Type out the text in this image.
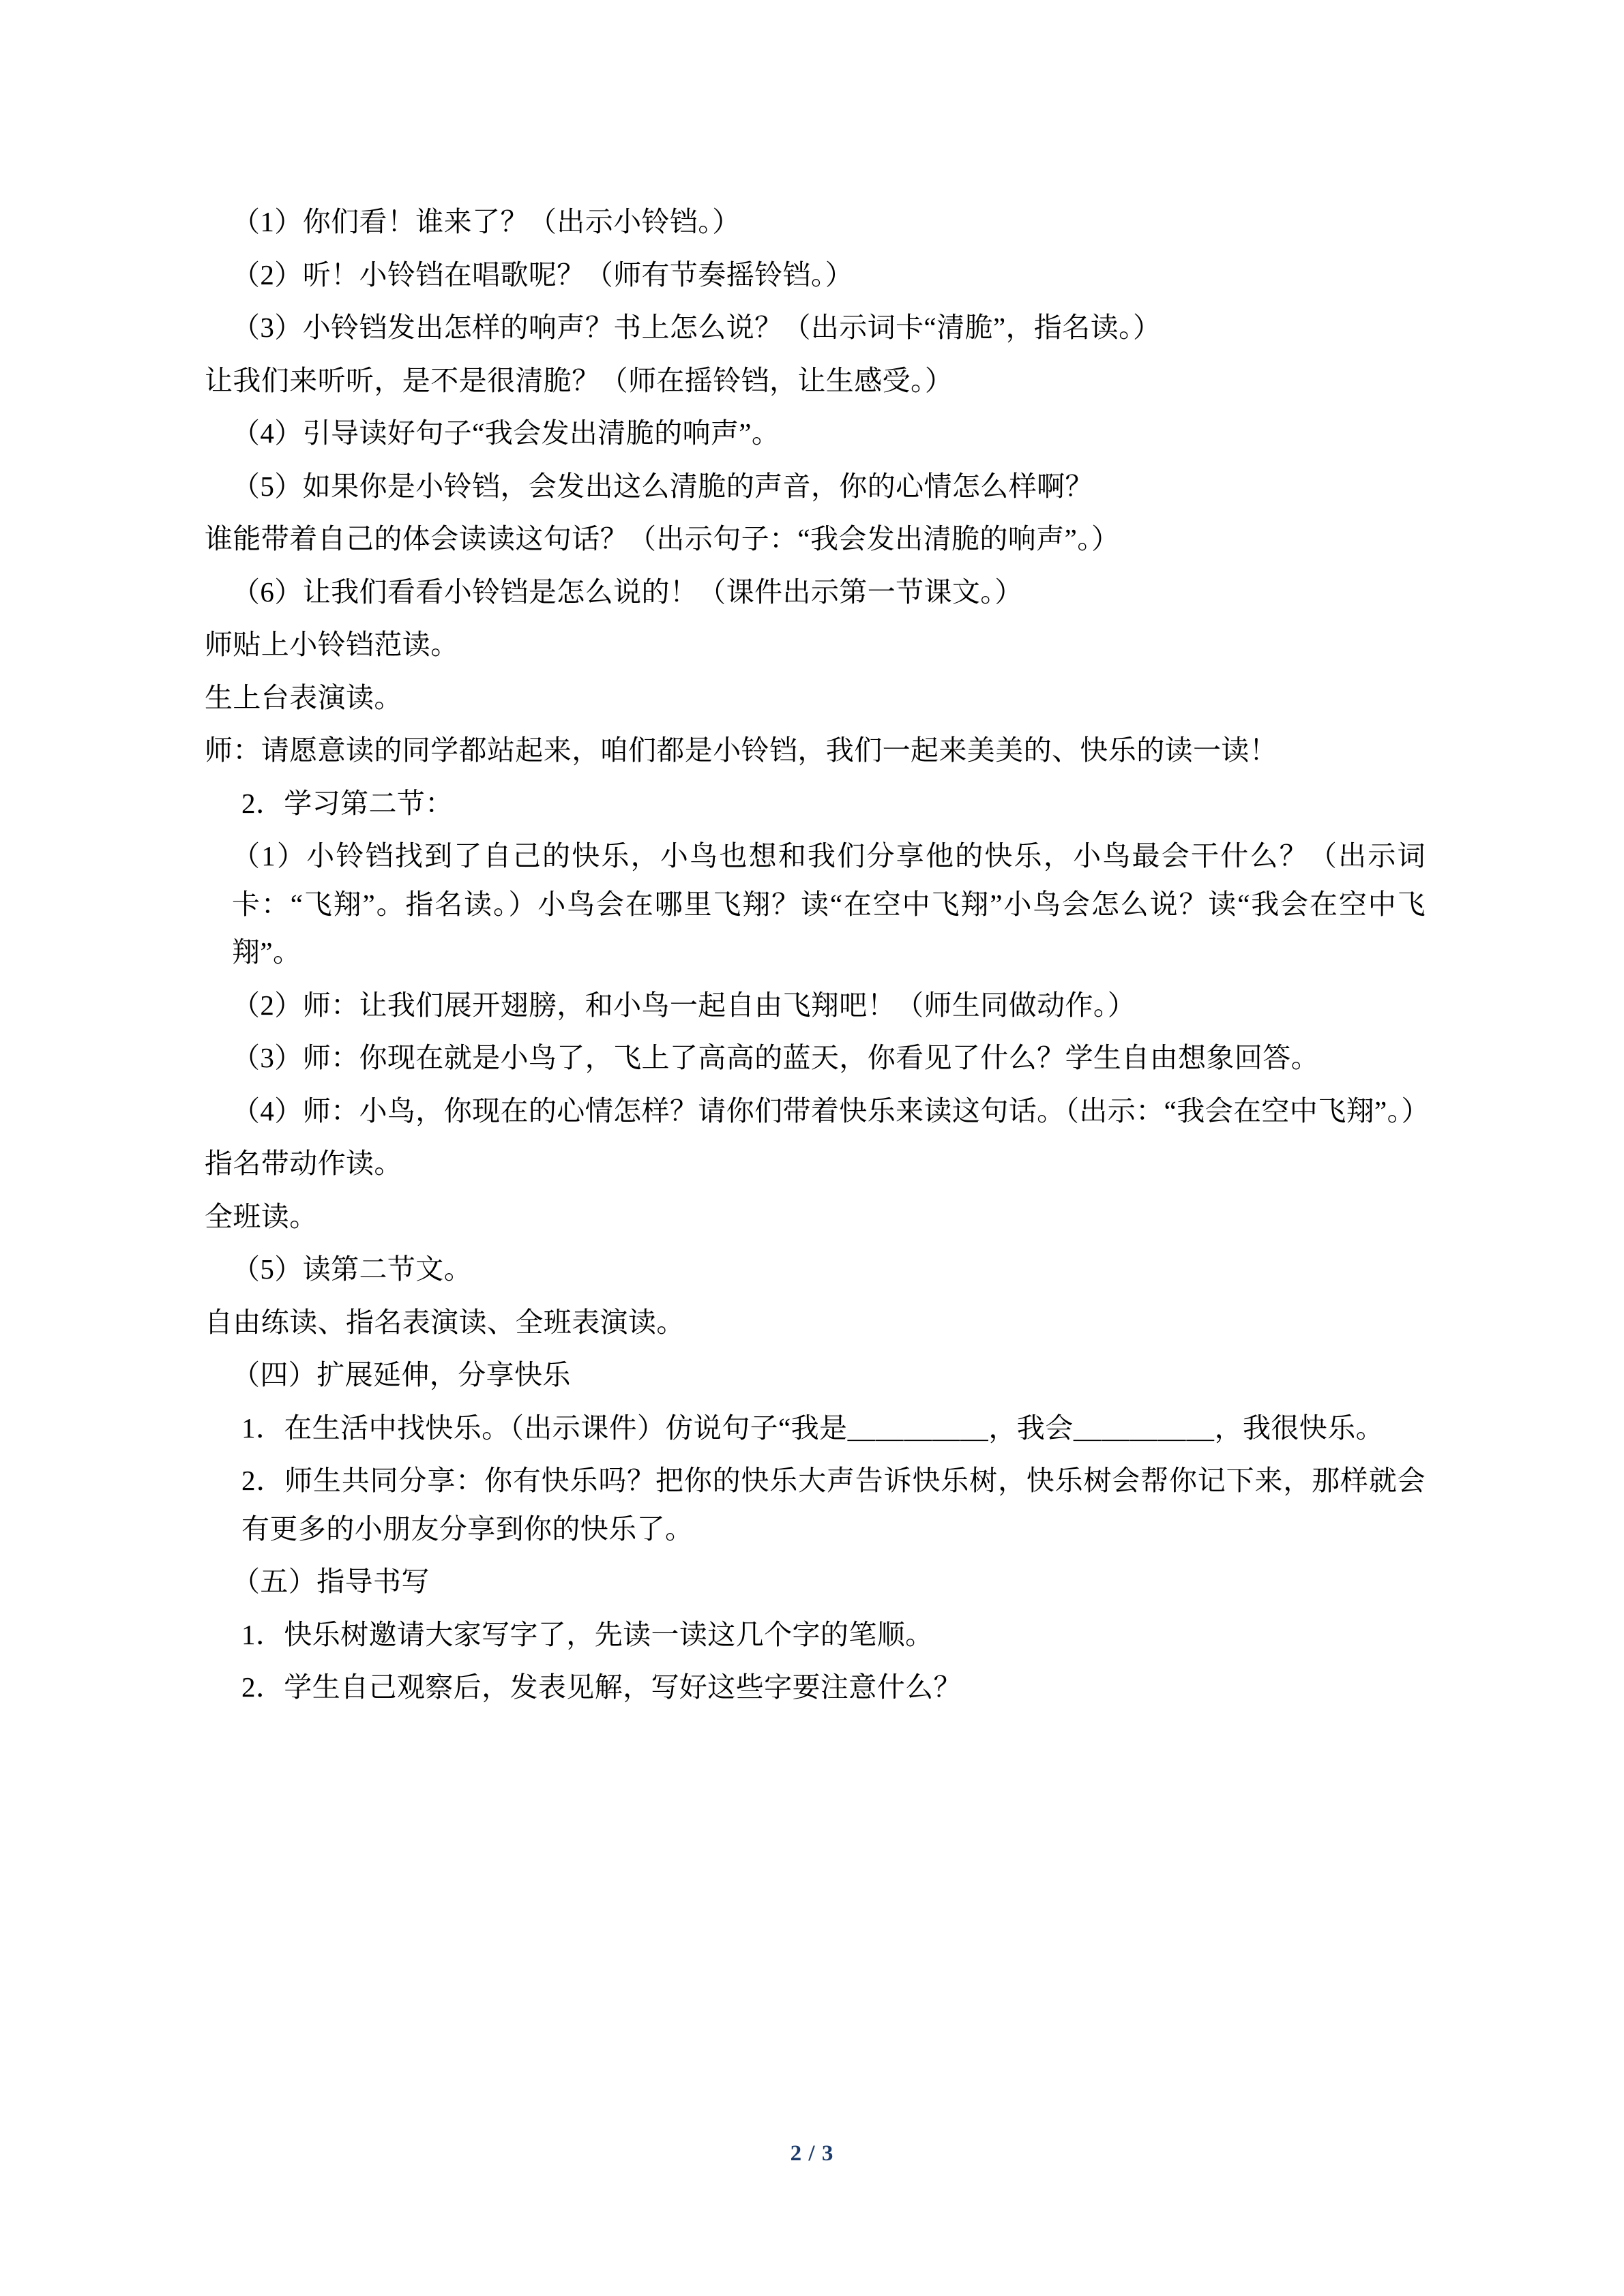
（1）你们看！谁来了？（出示小铃铛。）

（2）听！小铃铛在唱歌呢？（师有节奏摇铃铛。）

（3）小铃铛发出怎样的响声？书上怎么说？（出示词卡“清脆”，指名读。）

让我们来听听，是不是很清脆？（师在摇铃铛，让生感受。）

（4）引导读好句子“我会发出清脆的响声”。

（5）如果你是小铃铛，会发出这么清脆的声音，你的心情怎么样啊？

谁能带着自己的体会读读这句话？（出示句子：“我会发出清脆的响声”。）

（6）让我们看看小铃铛是怎么说的！（课件出示第一节课文。）

师贴上小铃铛范读。

生上台表演读。

师：请愿意读的同学都站起来，咱们都是小铃铛，我们一起来美美的、快乐的读一读！

2．学习第二节：

（1）小铃铛找到了自己的快乐，小鸟也想和我们分享他的快乐，小鸟最会干什么？（出示词卡：“飞翔”。指名读。）小鸟会在哪里飞翔？读“在空中飞翔”小鸟会怎么说？读“我会在空中飞翔”。

（2）师：让我们展开翅膀，和小鸟一起自由飞翔吧！（师生同做动作。）

（3）师：你现在就是小鸟了，飞上了高高的蓝天，你看见了什么？学生自由想象回答。

（4）师：小鸟，你现在的心情怎样？请你们带着快乐来读这句话。（出示：“我会在空中飞翔”。）

指名带动作读。

全班读。

（5）读第二节文。

自由练读、指名表演读、全班表演读。

（四）扩展延伸，分享快乐

1．在生活中找快乐。（出示课件）仿说句子“我是＿＿＿＿＿，我会＿＿＿＿＿，我很快乐。

2．师生共同分享：你有快乐吗？把你的快乐大声告诉快乐树，快乐树会帮你记下来，那样就会有更多的小朋友分享到你的快乐了。

（五）指导书写

1．快乐树邀请大家写字了，先读一读这几个字的笔顺。

2．学生自己观察后，发表见解，写好这些字要注意什么？

2 / 3
